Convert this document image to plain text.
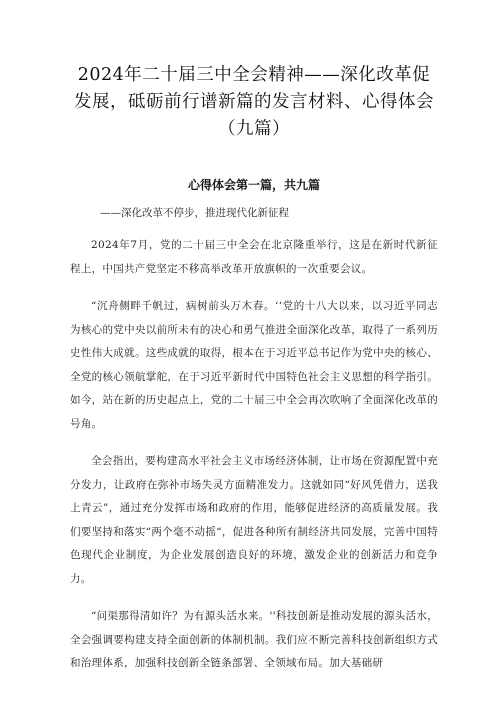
2024年二十届三中全会精神——深化改革促发展，砥砺前行谱新篇的发言材料、心得体会（九篇）
心得体会第一篇，共九篇

——深化改革不停步，推进现代化新征程

2024年7月，党的二十届三中全会在北京隆重举行，这是在新时代新征程上，中国共产党坚定不移高举改革开放旗帜的一次重要会议。

“沉舟侧畔千帆过，病树前头万木春。‘‘党的十八大以来，以习近平同志为核心的党中央以前所未有的决心和勇气推进全面深化改革，取得了一系列历史性伟大成就。这些成就的取得，根本在于习近平总书记作为党中央的核心、全党的核心领航掌舵，在于习近平新时代中国特色社会主义思想的科学指引。如今，站在新的历史起点上，党的二十届三中全会再次吹响了全面深化改革的号角。

全会指出，要构建高水平社会主义市场经济体制，让市场在资源配置中充分发力，让政府在弥补市场失灵方面精准发力。这就如同“好风凭借力，送我上青云”，通过充分发挥市场和政府的作用，能够促进经济的高质量发展。我们要坚持和落实“两个毫不动摇“，促进各种所有制经济共同发展，完善中国特色现代企业制度，为企业发展创造良好的环境，激发企业的创新活力和竞争力。

“问渠那得清如许？为有源头活水来。''科技创新是推动发展的源头活水，全会强调要构建支持全面创新的体制机制。我们应不断完善科技创新组织方式和治理体系，加强科技创新全链条部署、全领域布局。加大基础研
